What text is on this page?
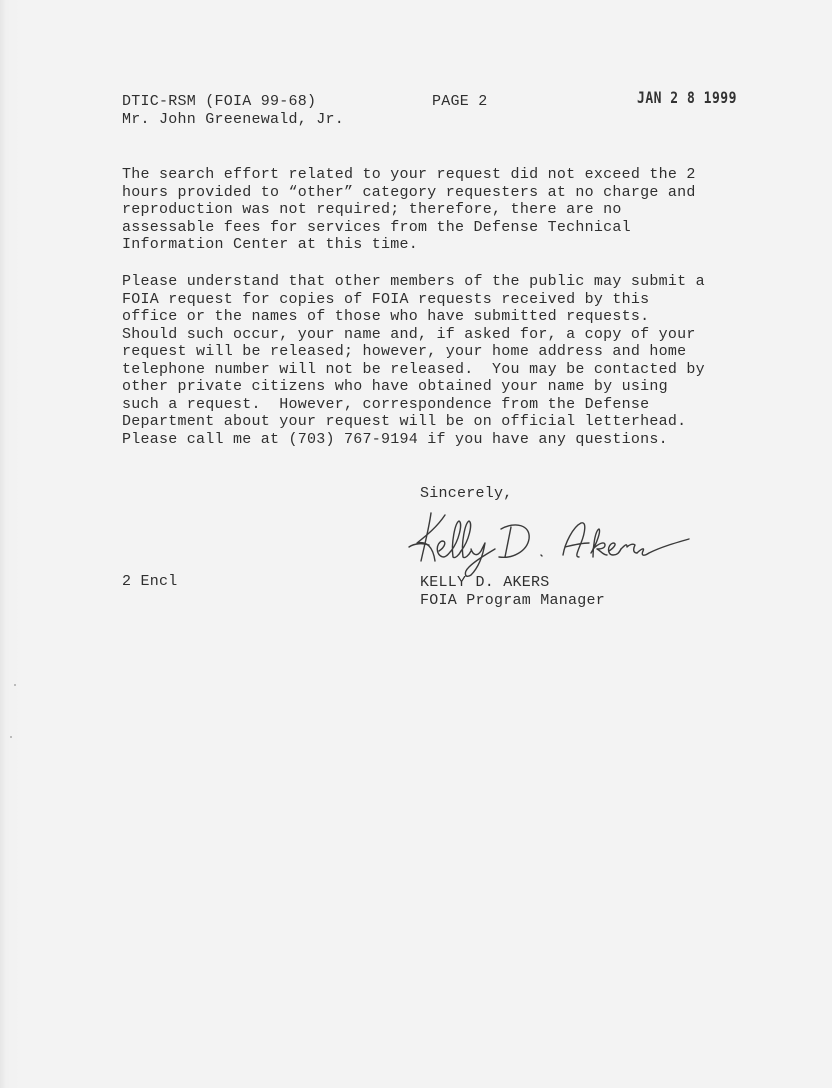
DTIC-RSM (FOIA 99-68)	PAGE 2	JAN 2 8 1999
Mr. John Greenewald, Jr.
The search effort related to your request did not exceed the 2
hours provided to “other” category requesters at no charge and
reproduction was not required; therefore, there are no
assessable fees for services from the Defense Technical
Information Center at this time.
Please understand that other members of the public may submit a
FOIA request for copies of FOIA requests received by this
office or the names of those who have submitted requests.
Should such occur, your name and, if asked for, a copy of your
request will be released; however, your home address and home
telephone number will not be released.  You may be contacted by
other private citizens who have obtained your name by using
such a request.  However, correspondence from the Defense
Department about your request will be on official letterhead.
Please call me at (703) 767-9194 if you have any questions.
Sincerely,
KELLY D. AKERS
FOIA Program Manager
2 Encl
